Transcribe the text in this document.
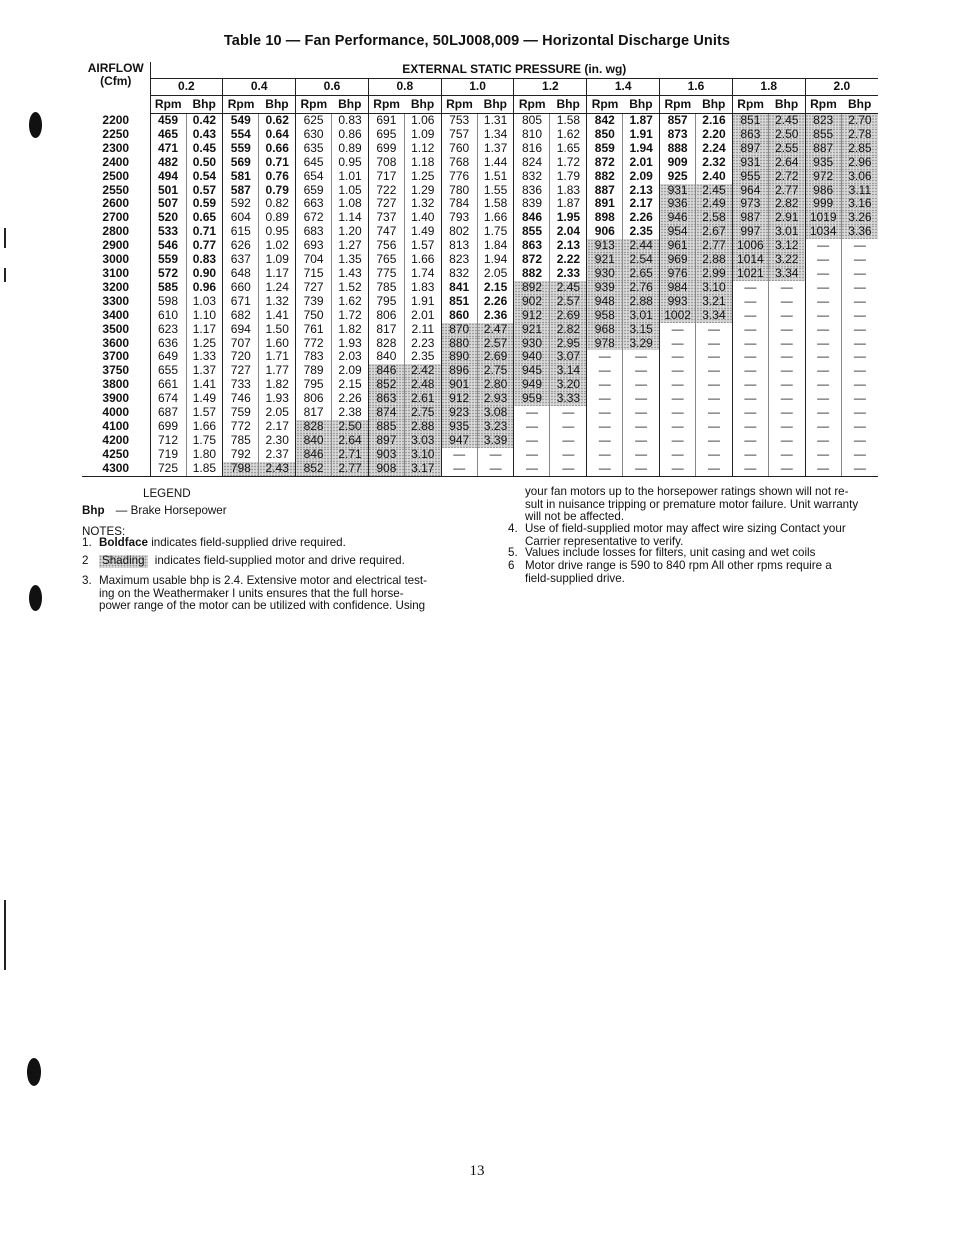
Table 10 — Fan Performance, 50LJ008,009 — Horizontal Discharge Units
AIRFLOW
(Cfm)	EXTERNAL STATIC PRESSURE (in. wg)																			
	0.2		0.4		0.6		0.8		1.0		1.2		1.4		1.6		1.8		2.0	
	Rpm	Bhp	Rpm	Bhp	Rpm	Bhp	Rpm	Bhp	Rpm	Bhp	Rpm	Bhp	Rpm	Bhp	Rpm	Bhp	Rpm	Bhp	Rpm	Bhp
2200	459	0.42	549	0.62	625	0.83	691	1.06	753	1.31	805	1.58	842	1.87	857	2.16	851	2.45	823	2.70
2250	465	0.43	554	0.64	630	0.86	695	1.09	757	1.34	810	1.62	850	1.91	873	2.20	863	2.50	855	2.78
2300	471	0.45	559	0.66	635	0.89	699	1.12	760	1.37	816	1.65	859	1.94	888	2.24	897	2.55	887	2.85
2400	482	0.50	569	0.71	645	0.95	708	1.18	768	1.44	824	1.72	872	2.01	909	2.32	931	2.64	935	2.96
2500	494	0.54	581	0.76	654	1.01	717	1.25	776	1.51	832	1.79	882	2.09	925	2.40	955	2.72	972	3.06
2550	501	0.57	587	0.79	659	1.05	722	1.29	780	1.55	836	1.83	887	2.13	931	2.45	964	2.77	986	3.11
2600	507	0.59	592	0.82	663	1.08	727	1.32	784	1.58	839	1.87	891	2.17	936	2.49	973	2.82	999	3.16
2700	520	0.65	604	0.89	672	1.14	737	1.40	793	1.66	846	1.95	898	2.26	946	2.58	987	2.91	1019	3.26
2800	533	0.71	615	0.95	683	1.20	747	1.49	802	1.75	855	2.04	906	2.35	954	2.67	997	3.01	1034	3.36
2900	546	0.77	626	1.02	693	1.27	756	1.57	813	1.84	863	2.13	913	2.44	961	2.77	1006	3.12	—	—
3000	559	0.83	637	1.09	704	1.35	765	1.66	823	1.94	872	2.22	921	2.54	969	2.88	1014	3.22	—	—
3100	572	0.90	648	1.17	715	1.43	775	1.74	832	2.05	882	2.33	930	2.65	976	2.99	1021	3.34	—	—
3200	585	0.96	660	1.24	727	1.52	785	1.83	841	2.15	892	2.45	939	2.76	984	3.10	—	—	—	—
3300	598	1.03	671	1.32	739	1.62	795	1.91	851	2.26	902	2.57	948	2.88	993	3.21	—	—	—	—
3400	610	1.10	682	1.41	750	1.72	806	2.01	860	2.36	912	2.69	958	3.01	1002	3.34	—	—	—	—
3500	623	1.17	694	1.50	761	1.82	817	2.11	870	2.47	921	2.82	968	3.15	—	—	—	—	—	—
3600	636	1.25	707	1.60	772	1.93	828	2.23	880	2.57	930	2.95	978	3.29	—	—	—	—	—	—
3700	649	1.33	720	1.71	783	2.03	840	2.35	890	2.69	940	3.07	—	—	—	—	—	—	—	—
3750	655	1.37	727	1.77	789	2.09	846	2.42	896	2.75	945	3.14	—	—	—	—	—	—	—	—
3800	661	1.41	733	1.82	795	2.15	852	2.48	901	2.80	949	3.20	—	—	—	—	—	—	—	—
3900	674	1.49	746	1.93	806	2.26	863	2.61	912	2.93	959	3.33	—	—	—	—	—	—	—	—
4000	687	1.57	759	2.05	817	2.38	874	2.75	923	3.08	—	—	—	—	—	—	—	—	—	—
4100	699	1.66	772	2.17	828	2.50	885	2.88	935	3.23	—	—	—	—	—	—	—	—	—	—
4200	712	1.75	785	2.30	840	2.64	897	3.03	947	3.39	—	—	—	—	—	—	—	—	—	—
4250	719	1.80	792	2.37	846	2.71	903	3.10	—	—	—	—	—	—	—	—	—	—	—	—
4300	725	1.85	798	2.43	852	2.77	908	3.17	—	—	—	—	—	—	—	—	—	—	—	—
LEGEND
Bhp — Brake Horsepower
NOTES:
1. Boldface indicates field-supplied drive required.
2 Shading indicates field-supplied motor and drive required.
3. Maximum usable bhp is 2.4. Extensive motor and electrical test-
ing on the Weathermaker I units ensures that the full horse-
power range of the motor can be utilized with confidence. Using
your fan motors up to the horsepower ratings shown will not re-
sult in nuisance tripping or premature motor failure. Unit warranty
will not be affected.
4. Use of field-supplied motor may affect wire sizing Contact your
Carrier representative to verify.
5. Values include losses for filters, unit casing and wet coils
6 Motor drive range is 590 to 840 rpm All other rpms require a
field-supplied drive.
13
